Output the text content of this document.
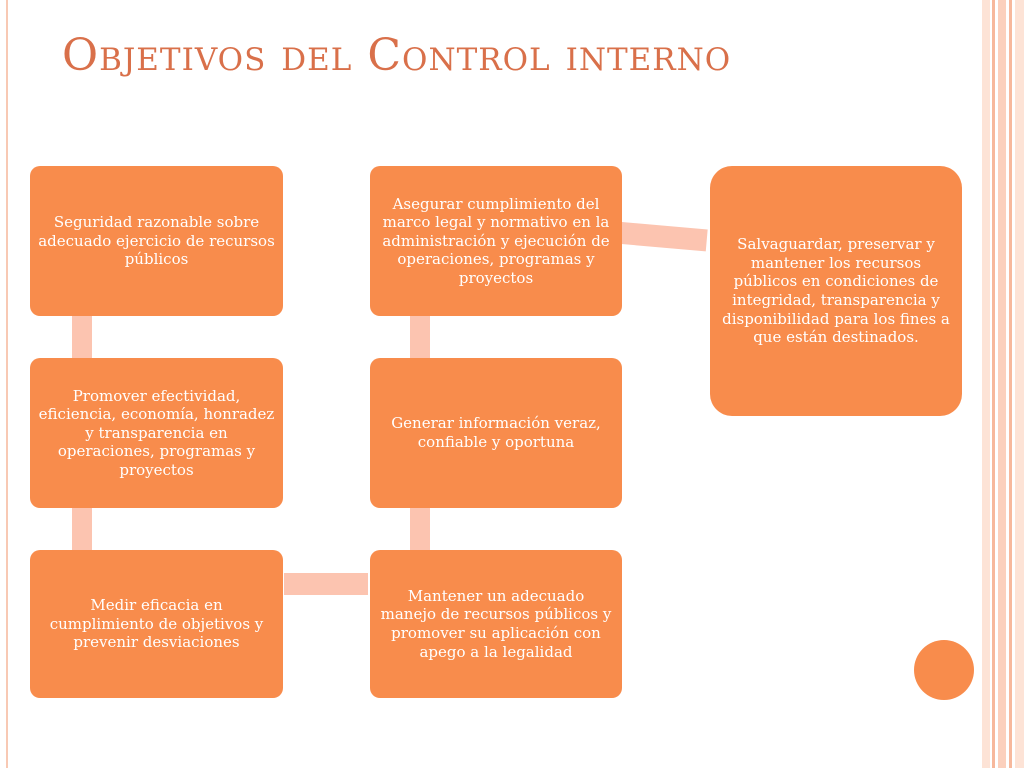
Objetivos del Control interno
Seguridad razonable sobre adecuado ejercicio de recursos públicos
Promover efectividad, eficiencia, economía, honradez y transparencia en operaciones, programas y proyectos
Medir eficacia en cumplimiento de objetivos y prevenir desviaciones
Mantener un adecuado manejo de recursos públicos y promover su aplicación con apego a la legalidad
Generar información veraz, confiable y oportuna
Asegurar cumplimiento del marco legal y normativo en la administración y ejecución de operaciones, programas y proyectos
Salvaguardar, preservar y mantener los recursos públicos en condiciones de integridad, transparencia y disponibilidad para los fines a que están destinados.
